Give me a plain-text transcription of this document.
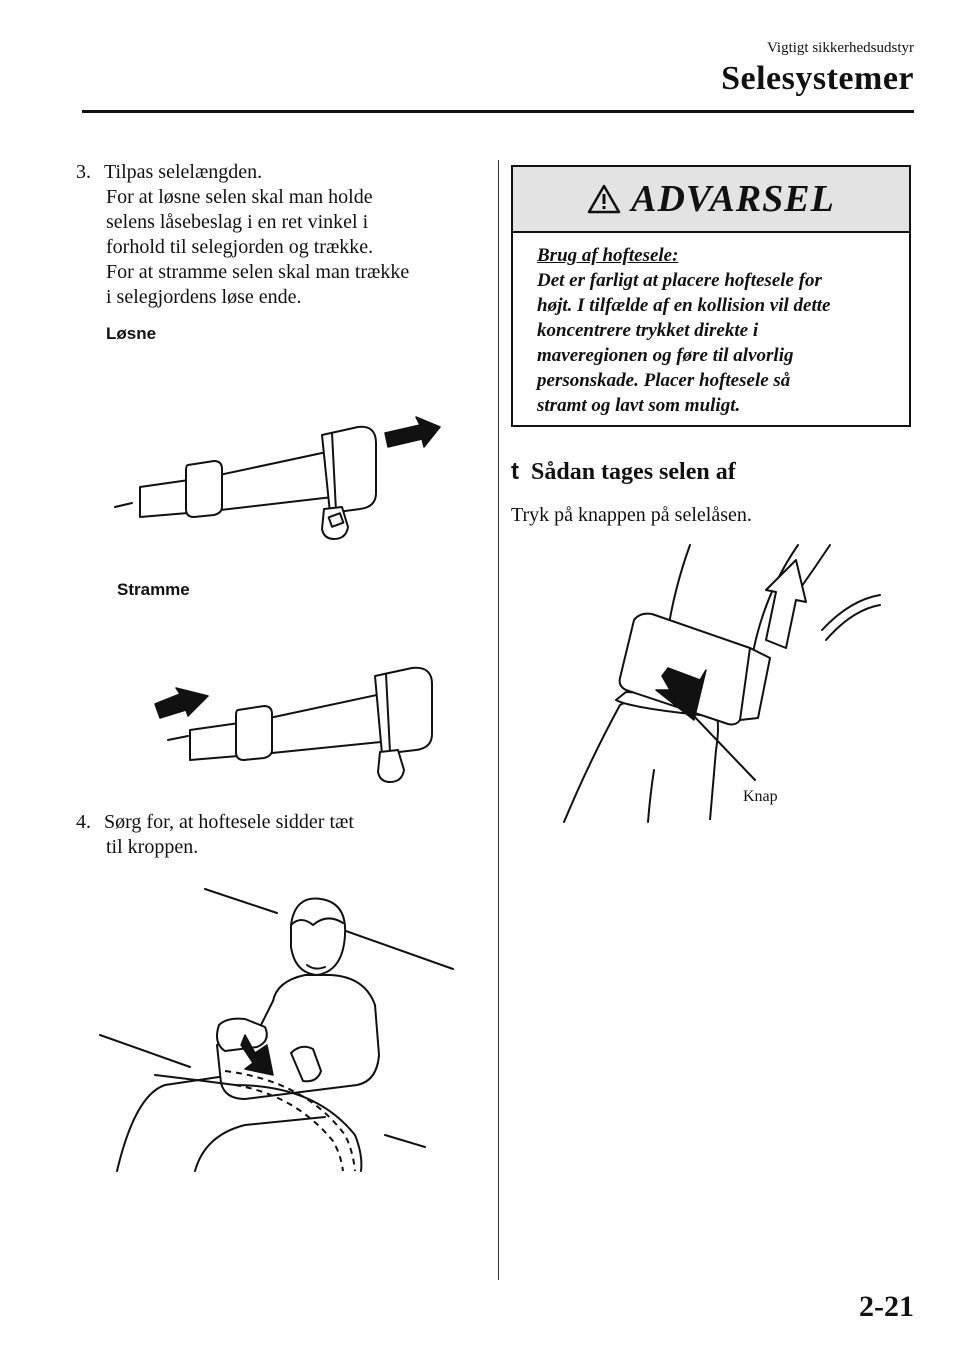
Vigtigt sikkerhedsudstyr
Selesystemer
3. Tilpas selelængden.
For at løsne selen skal man holde
selens låsebeslag i en ret vinkel i
forhold til selegjorden og trække.
For at stramme selen skal man trække
i selegjordens løse ende.
Løsne
Stramme
4. Sørg for, at hoftesele sidder tæt
til kroppen.
ADVARSEL
Brug af hoftesele:
Det er farligt at placere hoftesele for
højt. I tilfælde af en kollision vil dette
koncentrere trykket direkte i
maveregionen og føre til alvorlig
personskade. Placer hoftesele så
stramt og lavt som muligt.
t Sådan tages selen af
Tryk på knappen på selelåsen.
Knap
2-21
